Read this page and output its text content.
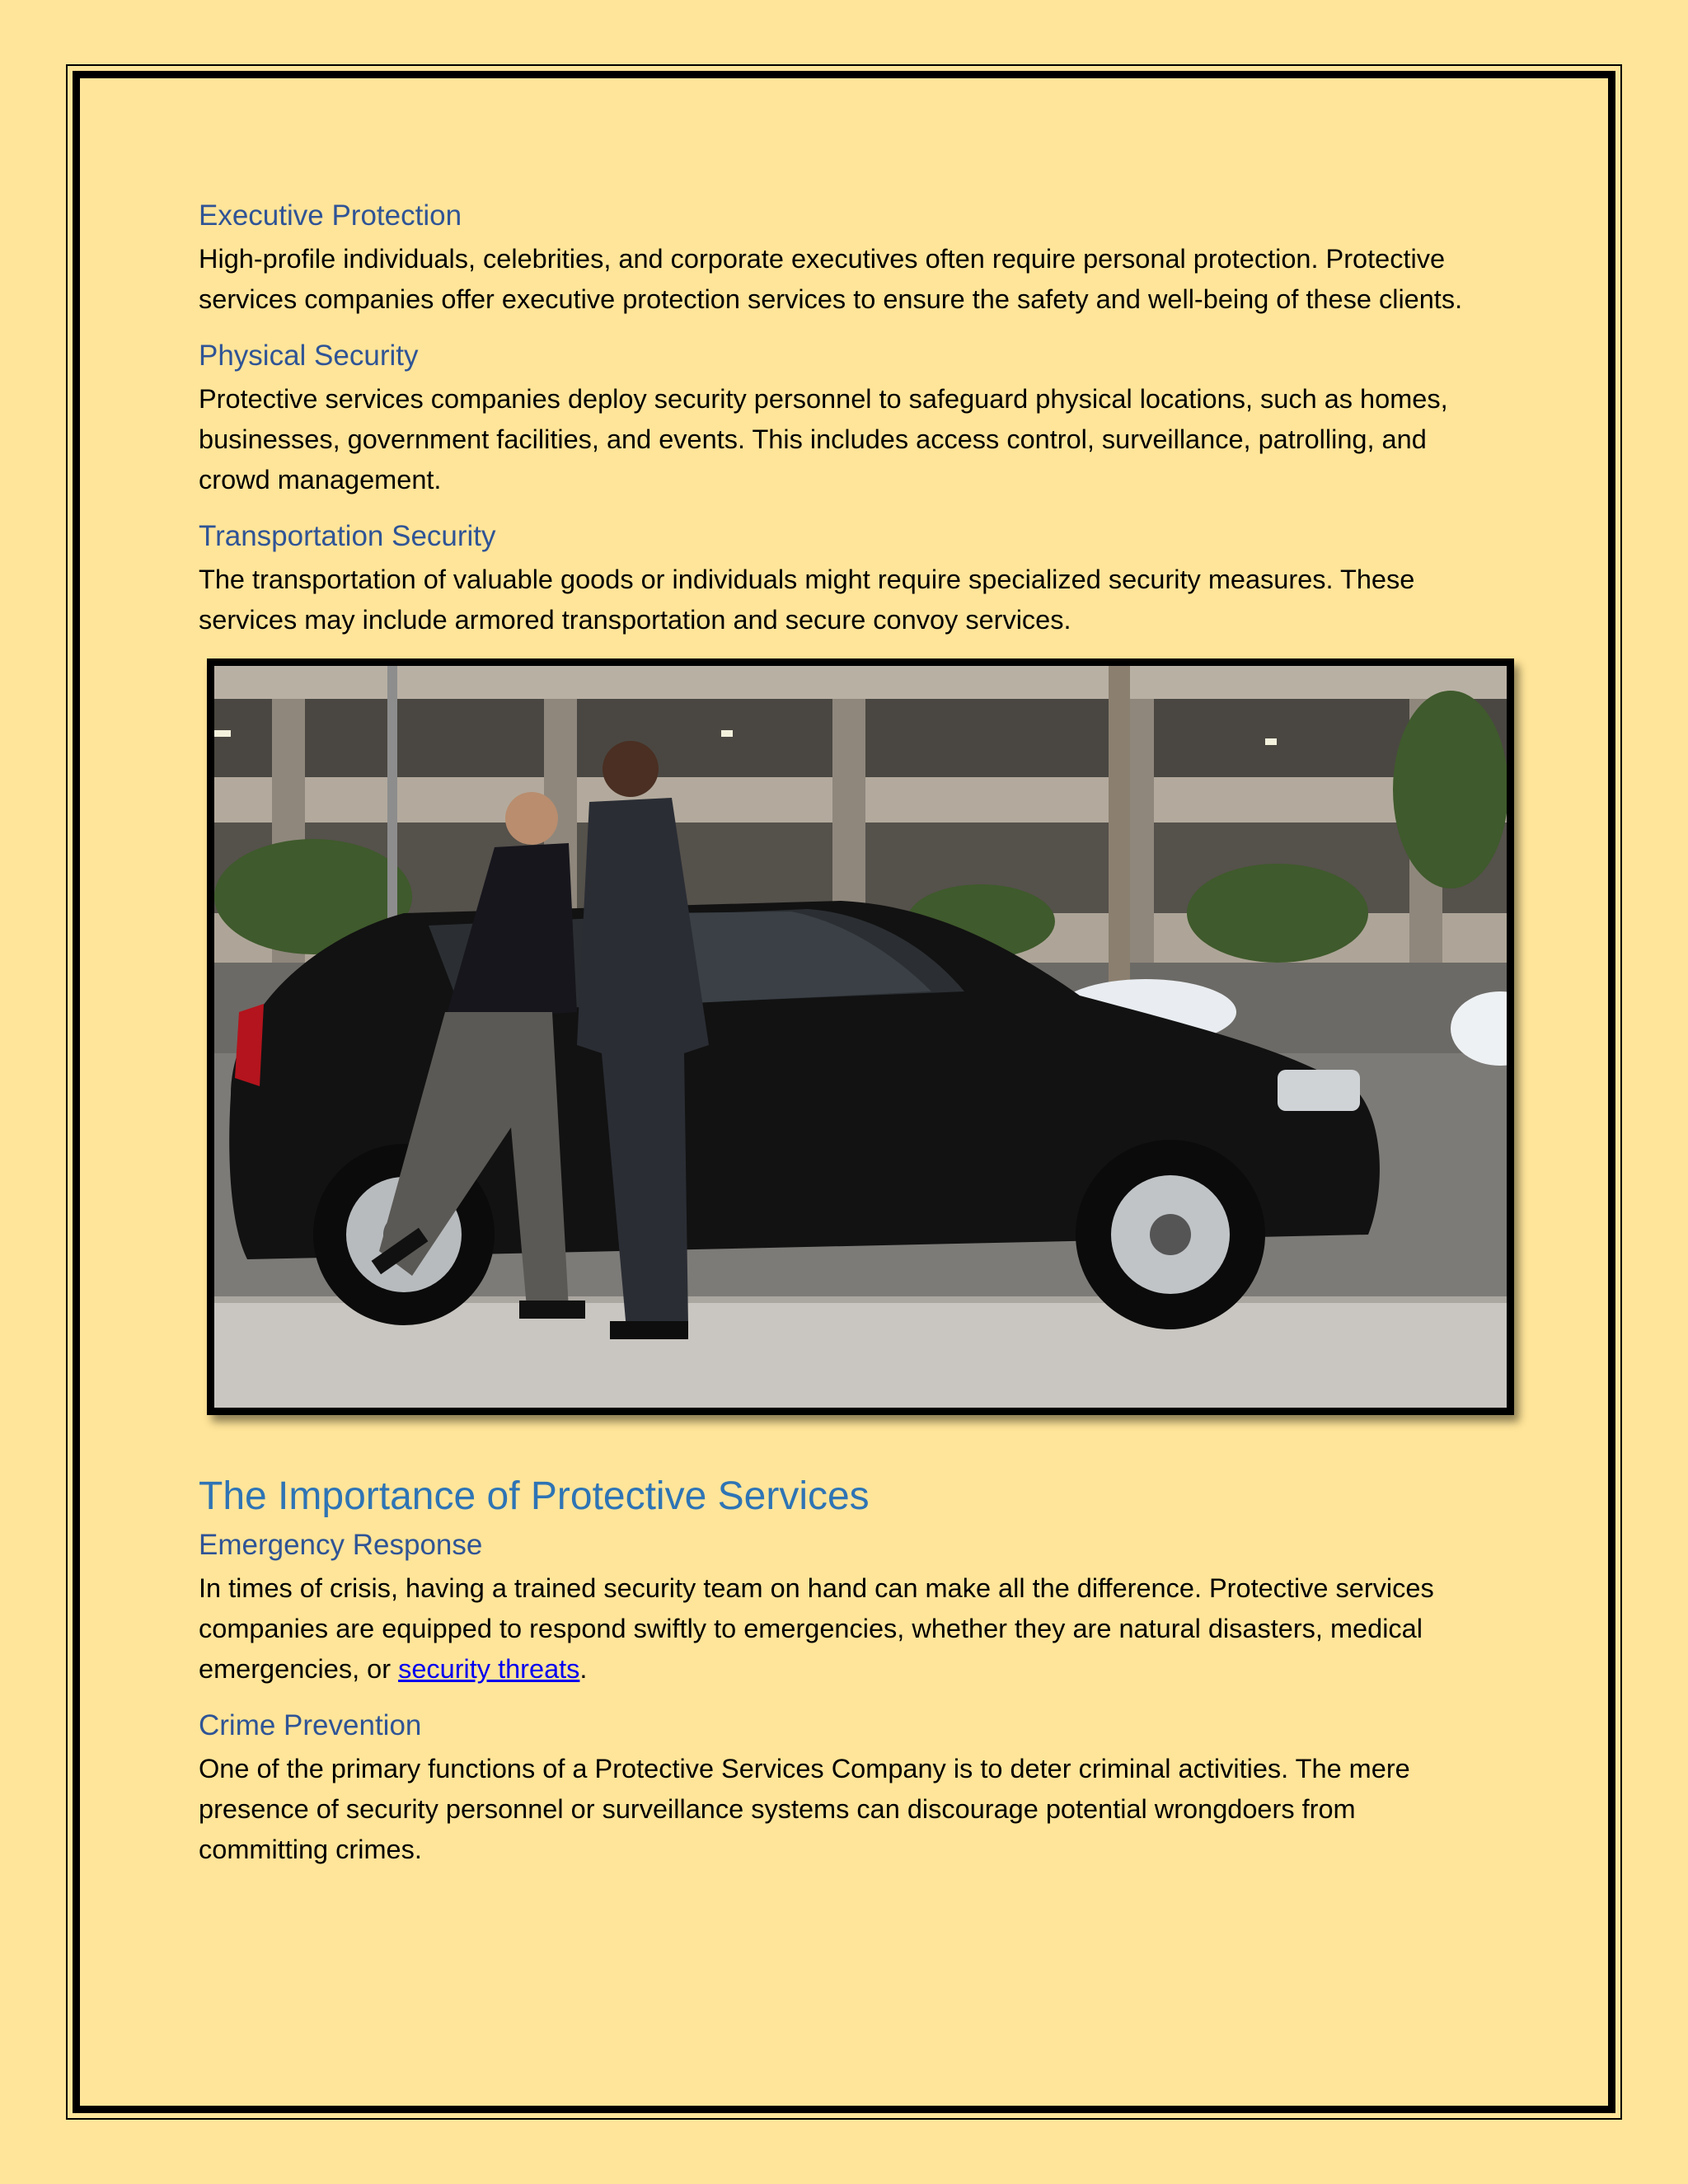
Executive Protection

High-profile individuals, celebrities, and corporate executives often require personal protection. Protective services companies offer executive protection services to ensure the safety and well-being of these clients.

Physical Security

Protective services companies deploy security personnel to safeguard physical locations, such as homes, businesses, government facilities, and events. This includes access control, surveillance, patrolling, and crowd management.

Transportation Security

The transportation of valuable goods or individuals might require specialized security measures. These services may include armored transportation and secure convoy services.

The Importance of Protective Services
Emergency Response

In times of crisis, having a trained security team on hand can make all the difference. Protective services companies are equipped to respond swiftly to emergencies, whether they are natural disasters, medical emergencies, or security threats.

Crime Prevention

One of the primary functions of a Protective Services Company is to deter criminal activities. The mere presence of security personnel or surveillance systems can discourage potential wrongdoers from committing crimes.
